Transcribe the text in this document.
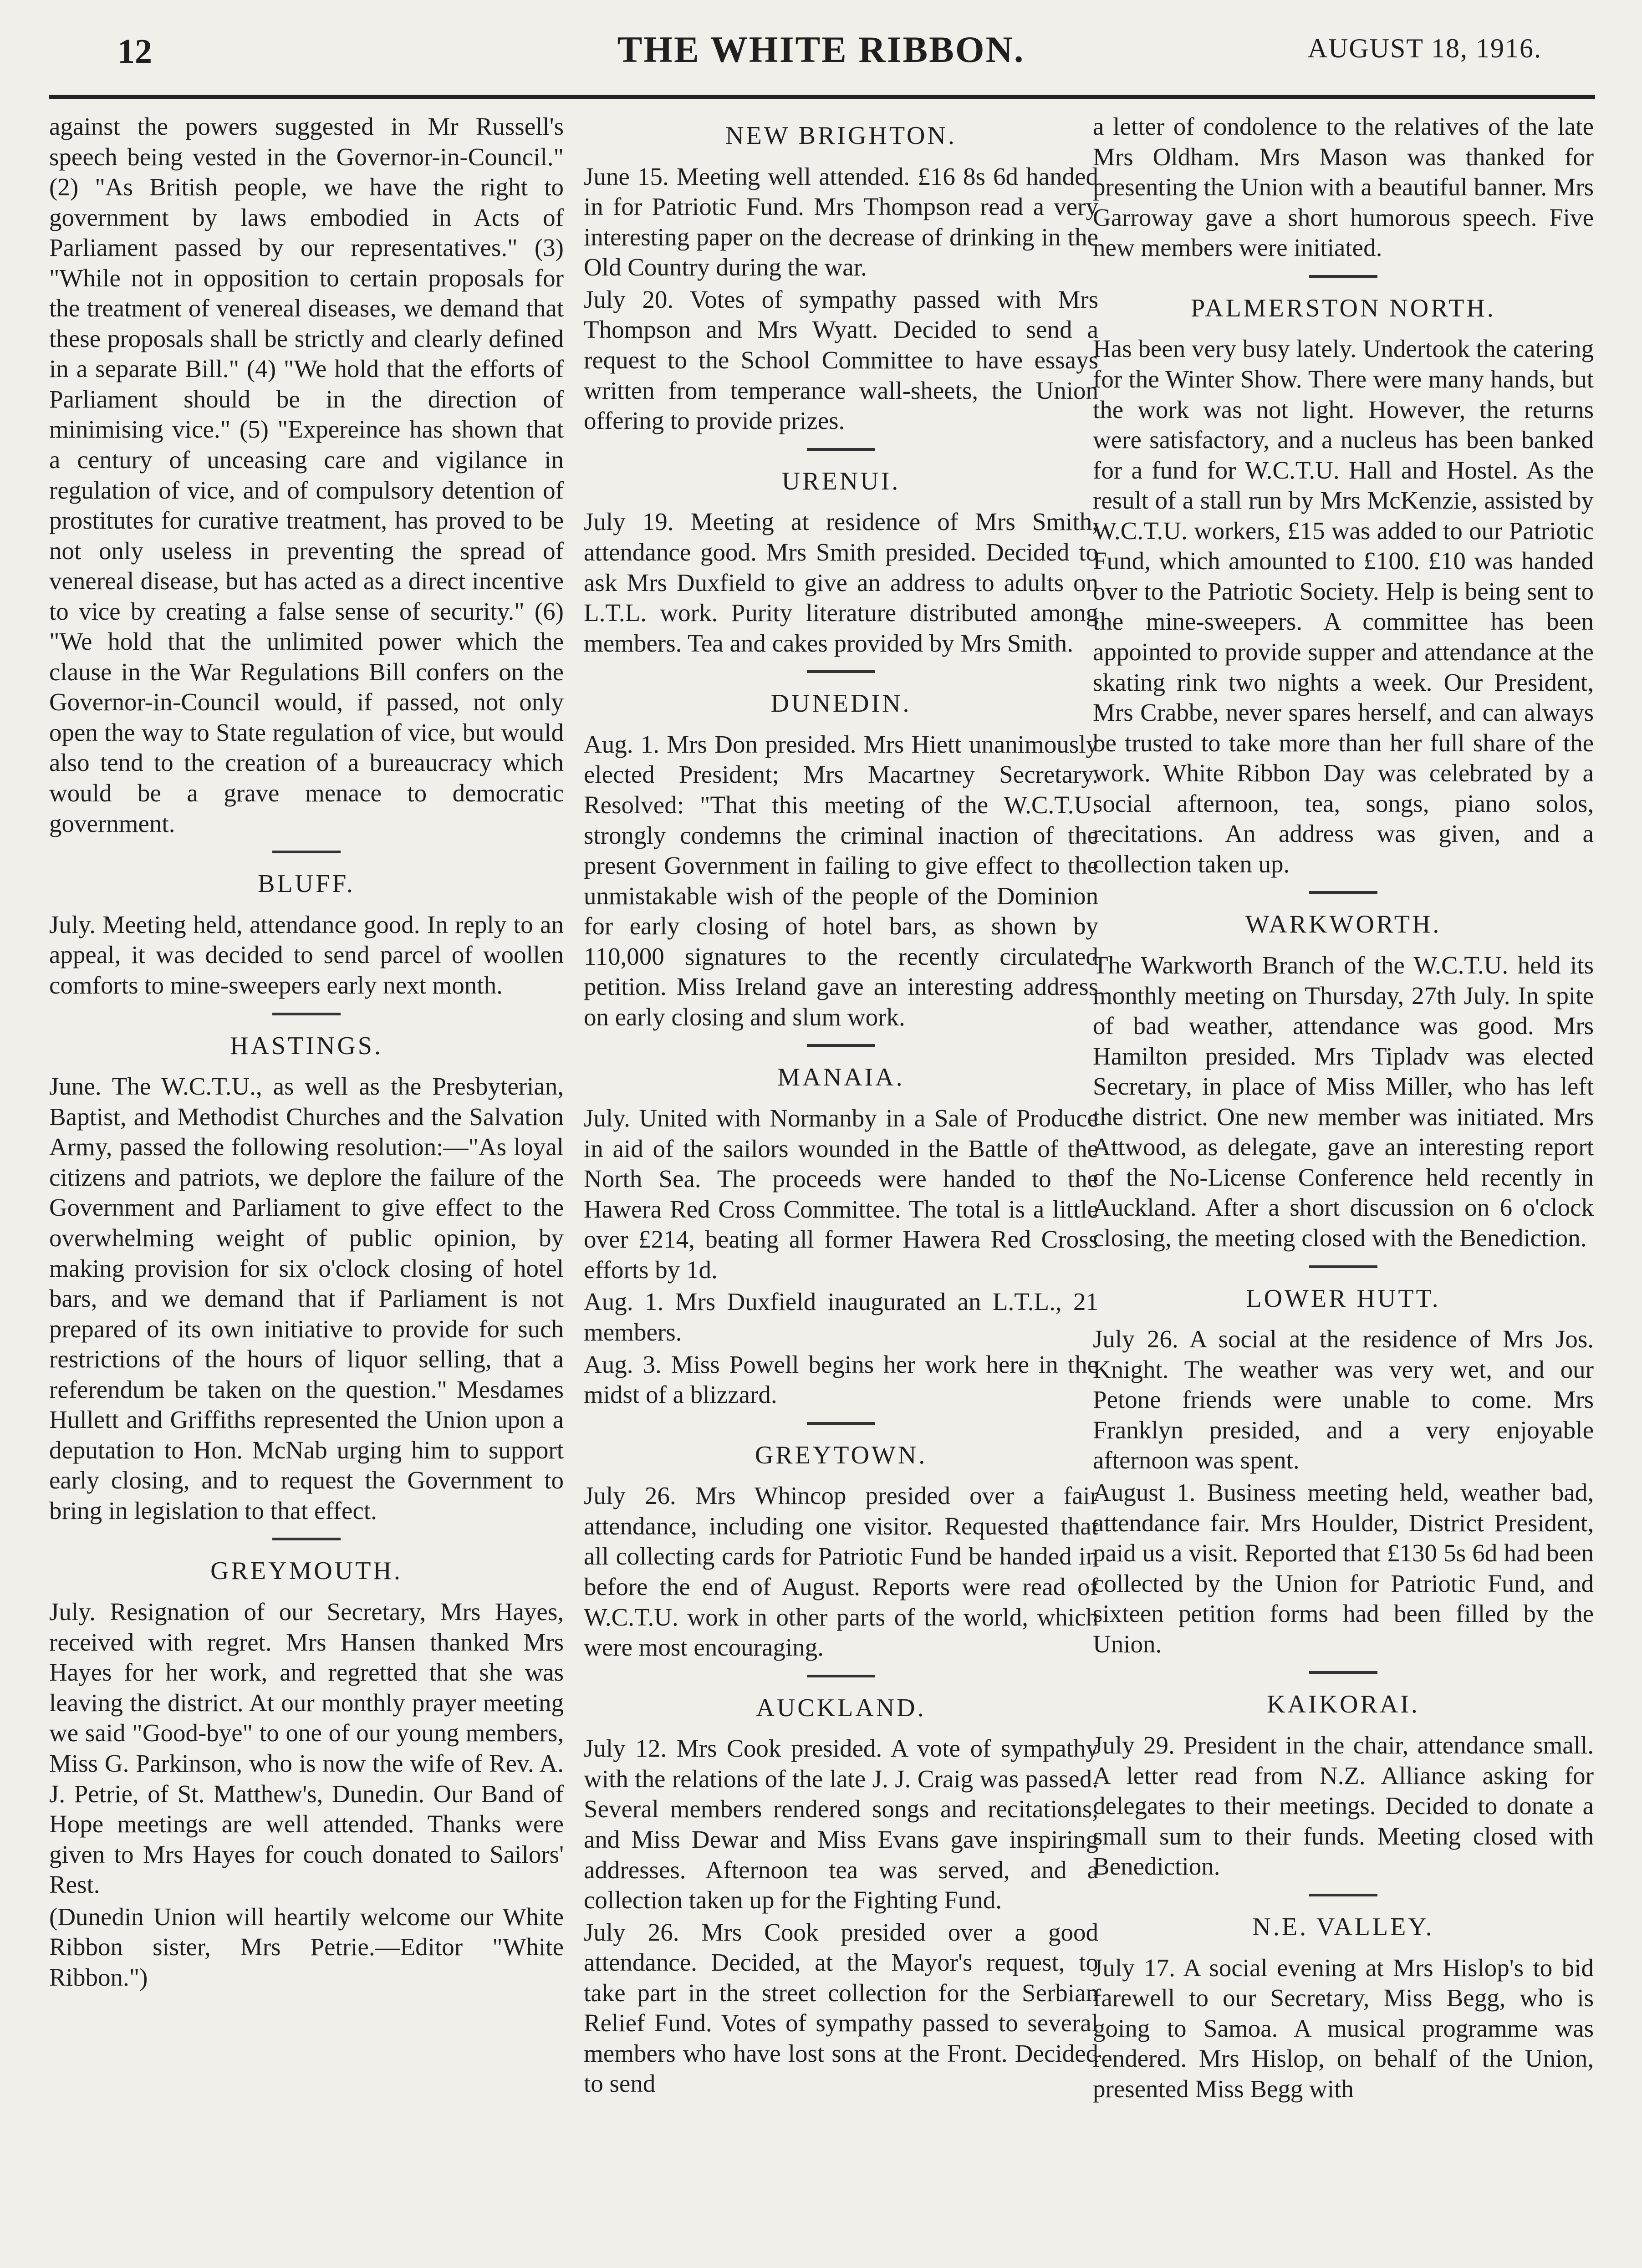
12	THE WHITE RIBBON.	AUGUST 18, 1916.

against the powers suggested in Mr Russell's speech being vested in the Governor-in-Council." (2) "As British people, we have the right to government by laws embodied in Acts of Parliament passed by our representatives." (3) "While not in opposition to certain proposals for the treatment of venereal diseases, we demand that these proposals shall be strictly and clearly defined in a separate Bill." (4) "We hold that the efforts of Parliament should be in the direction of minimising vice." (5) "Expereince has shown that a century of unceasing care and vigilance in regulation of vice, and of compulsory detention of prostitutes for curative treatment, has proved to be not only useless in preventing the spread of venereal disease, but has acted as a direct incentive to vice by creating a false sense of security." (6) "We hold that the unlimited power which the clause in the War Regulations Bill confers on the Governor-in-Council would, if passed, not only open the way to State regulation of vice, but would also tend to the creation of a bureaucracy which would be a grave menace to democratic government.

BLUFF.

July. Meeting held, attendance good. In reply to an appeal, it was decided to send parcel of woollen comforts to mine-sweepers early next month.

HASTINGS.

June. The W.C.T.U., as well as the Presbyterian, Baptist, and Methodist Churches and the Salvation Army, passed the following resolution:—"As loyal citizens and patriots, we deplore the failure of the Government and Parliament to give effect to the overwhelming weight of public opinion, by making provision for six o'clock closing of hotel bars, and we demand that if Parliament is not prepared of its own initiative to provide for such restrictions of the hours of liquor selling, that a referendum be taken on the question." Mesdames Hullett and Griffiths represented the Union upon a deputation to Hon. McNab urging him to support early closing, and to request the Government to bring in legislation to that effect.

GREYMOUTH.

July. Resignation of our Secretary, Mrs Hayes, received with regret. Mrs Hansen thanked Mrs Hayes for her work, and regretted that she was leaving the district. At our monthly prayer meeting we said "Good-bye" to one of our young members, Miss G. Parkinson, who is now the wife of Rev. A. J. Petrie, of St. Matthew's, Dunedin. Our Band of Hope meetings are well attended. Thanks were given to Mrs Hayes for couch donated to Sailors' Rest.

(Dunedin Union will heartily welcome our White Ribbon sister, Mrs Petrie.—Editor "White Ribbon.")

NEW BRIGHTON.

June 15. Meeting well attended. £16 8s 6d handed in for Patriotic Fund. Mrs Thompson read a very interesting paper on the decrease of drinking in the Old Country during the war.

July 20. Votes of sympathy passed with Mrs Thompson and Mrs Wyatt. Decided to send a request to the School Committee to have essays written from temperance wall-sheets, the Union offering to provide prizes.

URENUI.

July 19. Meeting at residence of Mrs Smith, attendance good. Mrs Smith presided. Decided to ask Mrs Duxfield to give an address to adults on L.T.L. work. Purity literature distributed among members. Tea and cakes provided by Mrs Smith.

DUNEDIN.

Aug. 1. Mrs Don presided. Mrs Hiett unanimously elected President; Mrs Macartney Secretary. Resolved: "That this meeting of the W.C.T.U. strongly condemns the criminal inaction of the present Government in failing to give effect to the unmistakable wish of the people of the Dominion for early closing of hotel bars, as shown by 110,000 signatures to the recently circulated petition. Miss Ireland gave an interesting address on early closing and slum work.

MANAIA.

July. United with Normanby in a Sale of Produce in aid of the sailors wounded in the Battle of the North Sea. The proceeds were handed to the Hawera Red Cross Committee. The total is a little over £214, beating all former Hawera Red Cross efforts by 1d.

Aug. 1. Mrs Duxfield inaugurated an L.T.L., 21 members.

Aug. 3. Miss Powell begins her work here in the midst of a blizzard.

GREYTOWN.

July 26. Mrs Whincop presided over a fair attendance, including one visitor. Requested that all collecting cards for Patriotic Fund be handed in before the end of August. Reports were read of W.C.T.U. work in other parts of the world, which were most encouraging.

AUCKLAND.

July 12. Mrs Cook presided. A vote of sympathy with the relations of the late J. J. Craig was passed. Several members rendered songs and recitations, and Miss Dewar and Miss Evans gave inspiring addresses. Afternoon tea was served, and a collection taken up for the Fighting Fund.

July 26. Mrs Cook presided over a good attendance. Decided, at the Mayor's request, to take part in the street collection for the Serbian Relief Fund. Votes of sympathy passed to several members who have lost sons at the Front. Decided to send

a letter of condolence to the relatives of the late Mrs Oldham. Mrs Mason was thanked for presenting the Union with a beautiful banner. Mrs Garroway gave a short humorous speech. Five new members were initiated.

PALMERSTON NORTH.

Has been very busy lately. Undertook the catering for the Winter Show. There were many hands, but the work was not light. However, the returns were satisfactory, and a nucleus has been banked for a fund for W.C.T.U. Hall and Hostel. As the result of a stall run by Mrs McKenzie, assisted by W.C.T.U. workers, £15 was added to our Patriotic Fund, which amounted to £100. £10 was handed over to the Patriotic Society. Help is being sent to the mine-sweepers. A committee has been appointed to provide supper and attendance at the skating rink two nights a week. Our President, Mrs Crabbe, never spares herself, and can always be trusted to take more than her full share of the work. White Ribbon Day was celebrated by a social afternoon, tea, songs, piano solos, recitations. An address was given, and a collection taken up.

WARKWORTH.

The Warkworth Branch of the W.C.T.U. held its monthly meeting on Thursday, 27th July. In spite of bad weather, attendance was good. Mrs Hamilton presided. Mrs Tipladv was elected Secretary, in place of Miss Miller, who has left the district. One new member was initiated. Mrs Attwood, as delegate, gave an interesting report of the No-License Conference held recently in Auckland. After a short discussion on 6 o'clock closing, the meeting closed with the Benediction.

LOWER HUTT.

July 26. A social at the residence of Mrs Jos. Knight. The weather was very wet, and our Petone friends were unable to come. Mrs Franklyn presided, and a very enjoyable afternoon was spent.

August 1. Business meeting held, weather bad, attendance fair. Mrs Houlder, District President, paid us a visit. Reported that £130 5s 6d had been collected by the Union for Patriotic Fund, and sixteen petition forms had been filled by the Union.

KAIKORAI.

July 29. President in the chair, attendance small. A letter read from N.Z. Alliance asking for delegates to their meetings. Decided to donate a small sum to their funds. Meeting closed with Benediction.

N.E. VALLEY.

July 17. A social evening at Mrs Hislop's to bid farewell to our Secretary, Miss Begg, who is going to Samoa. A musical programme was rendered. Mrs Hislop, on behalf of the Union, presented Miss Begg with
